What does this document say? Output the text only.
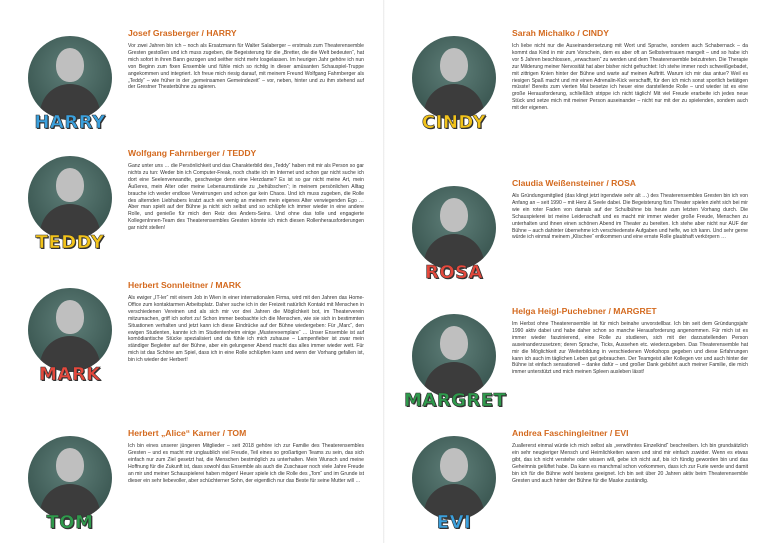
HARRY
Josef Grasberger / HARRY

Vor zwei Jahren bin ich – noch als Ersatzmann für Walter Salaberger – erstmals zum Theaterensemble Gresten gestoßen und ich muss zugeben, die Begeisterung für die „Bretter, die die Welt bedeuten“, hat mich sofort in ihren Bann gezogen und seither nicht mehr losgelassen. Im heurigen Jahr gehöre ich nun von Beginn zum fixen Ensemble und fühle mich so richtig in dieser amüsanten Schauspiel-Truppe angekommen und integriert. Ich freue mich riesig darauf, mit meinem Freund Wolfgang Fahrnberger als „Teddy“ – wie früher in der „gemeinsamen Gemeindezeit“ – vor, neben, hinter und zu ihm stehend auf der Grestner Theaterbühne zu agieren.

TEDDY
Wolfgang Fahrnberger / TEDDY

Ganz unter uns … die Persönlichkeit und das Charakterbild des „Teddy“ haben mit mir als Person so gar nichts zu tun: Weder bin ich Computer-Freak, noch chatte ich im Internet und schon gar nicht suche ich dort eine Seelenverwandte, geschweige denn eine Herzdame? Es ist so gar nicht meine Art, mein Äußeres, mein Alter oder meine Lebensumstände zu „behübschen“; in meinem persönlichen Alltag brauche ich weder endlose Verwirrungen und schon gar kein Chaos. Und ich muss zugeben, die Rolle des alternden Liebhabers kratzt auch ein wenig an meinem mein eigenes Alter verwiegenden Ego … Aber man spielt auf der Bühne ja nicht sich selbst und so schlüpfe ich immer wieder in eine andere Rolle, und genieße für mich den Reiz des Anders-Seins. Und ohne das tolle und engagierte KollegenInnen-Team des Theaterensembles Gresten könnte ich mich diesen Rollenherausforderungen gar nicht stellen!

MARK
Herbert Sonnleitner / MARK

Als ewiger „IT-ler“ mit einem Job in Wien in einer internationalen Firma, wird mit den Jahren das Home-Office zum kontaktarmen Arbeitsplatz. Daher suche ich in der Freizeit natürlich Kontakt mit Menschen in verschiedenen Vereinen und als sich mir vor drei Jahren die Möglichkeit bot, im Theaterverein mitzumachen, griff ich sofort zu! Schon immer beobachte ich die Menschen, wie sie sich in bestimmten Situationen verhalten und jetzt kann ich diese Eindrücke auf der Bühne wiedergeben: Für „Marc“, den ewigen Studenten, kannte ich im Studentenheim einige „Musterexemplare“ … Unser Ensemble ist auf komödiantische Stücke spezialisiert und da fühle ich mich zuhause – Lampenfieber ist zwar mein ständiger Begleiter auf der Bühne, aber ein gelungener Abend macht das alles immer wieder wett. Für mich ist das Schöne am Spiel, dass ich in eine Rolle schlüpfen kann und wenn der Vorhang gefallen ist, bin ich wieder der Herbert!

TOM
Herbert „Alice“ Karner / TOM

Ich bin eines unserer jüngeren Mitglieder – seit 2018 gehöre ich zur Familie des Theaterensembles Gresten – und es macht mir unglaublich viel Freude, Teil eines so großartigen Teams zu sein, das sich einfach nur zum Ziel gesetzt hat, die Menschen bestmöglich zu unterhalten. Mein Wunsch und meine Hoffnung für die Zukunft ist, dass sowohl das Ensemble als auch die Zuschauer noch viele Jahre Freude an mir und meiner Schauspielerei haben mögen! Heuer spiele ich die Rolle des „Tom“ und im Grunde ist dieser ein sehr liebevoller, aber schüchterner Sohn, der eigentlich nur das Beste für seine Mutter will …

CINDY
Sarah Michalko / CINDY

Ich liebe nicht nur die Auseinandersetzung mit Wort und Sprache, sondern auch Schabernack – da kommt das Kind in mir zum Vorschein, dem es aber oft an Selbstvertrauen mangelt – und so habe ich vor 5 Jahren beschlossen, „erwachsen“ zu werden und dem Theaterensemble beizutreten. Die Therapie zur Milderung meiner Nervosität hat aber bisher nicht gefruchtet: Ich stehe immer noch schweißgebadet, mit zittrigen Knien hinter der Bühne und warte auf meinen Auftritt. Warum ich mir das antue? Weil es riesigen Spaß macht und mir einen Adrenalin-Kick verschafft, für den ich mich sonst sportlich betätigen müsste! Bereits zum vierten Mal besetze ich heuer eine darstellende Rolle – und wieder ist es eine große Herausforderung, schließlich strippe ich nicht täglich! Mit viel Freude erarbeite ich jedes neue Stück und setze mich mit meiner Person auseinander – nicht nur mit der zu spielenden, sondern auch mit der eigenen.

ROSA
Claudia Weißensteiner / ROSA

Als Gründungsmitglied (das klingt jetzt irgendwie sehr alt …) des Theaterensembles Gresten bin ich von Anfang an – seit 1990 – mit Herz & Seele dabei. Die Begeisterung fürs Theater spielen zieht sich bei mir wie ein roter Faden von damals auf der Schulbühne bis heute zum letzten Vorhang durch. Die Schauspielerei ist meine Leidenschaft und es macht mir immer wieder große Freude, Menschen zu unterhalten und ihnen einen schönen Abend im Theater zu bereiten. Ich stehe aber nicht nur AUF der Bühne – auch dahinter übernehme ich verschiedenste Aufgaben und helfe, wo ich kann. Und sehr gerne würde ich einmal meinem „Klischee“ entkommen und eine ernste Rolle glaubhaft verkörpern …

MARGRET
Helga Heigl-Puchebner / MARGRET

Im Herbst ohne Theaterensemble ist für mich beinahe unvorstellbar. Ich bin seit dem Gründungsjahr 1990 aktiv dabei und habe daher schon so manche Herausforderung angenommen. Für mich ist es immer wieder faszinierend, eine Rolle zu studieren, sich mit der darzustellenden Person auseinanderzusetzen; deren Sprache, Ticks, Aussehen etc. wiederzugeben. Das Theaterensemble hat mir die Möglichkeit zur Weiterbildung in verschiedenen Workshops gegeben und diese Erfahrungen kann ich auch im täglichen Leben gut gebrauchen. Der Teamgeist aller Kollegen vor und auch hinter der Bühne ist einfach sensationell – danke dafür – und großer Dank gebührt auch meiner Familie, die mich immer unterstützt und mich meinen Spleen ausleben lässt!

EVI
Andrea Faschingleitner / EVI

Zuallererst einmal würde ich mich selbst als „verwöhntes Einzelkind“ beschreiben. Ich bin grundsätzlich ein sehr neugieriger Mensch und Heimlichkeiten waren und sind mir einfach zuwider. Wenn es etwas gibt, das ich nicht verstehe oder wissen will, gebe ich nicht auf, bis ich fündig geworden bin und das Geheimnis gelüftet habe. Da kann es manchmal schon vorkommen, dass ich zur Furie werde und damit bin ich für die Bühne wohl bestens geeignet. Ich bin seit über 20 Jahren aktiv beim Theaterensemble Gresten und auch hinter der Bühne für die Maske zuständig.
